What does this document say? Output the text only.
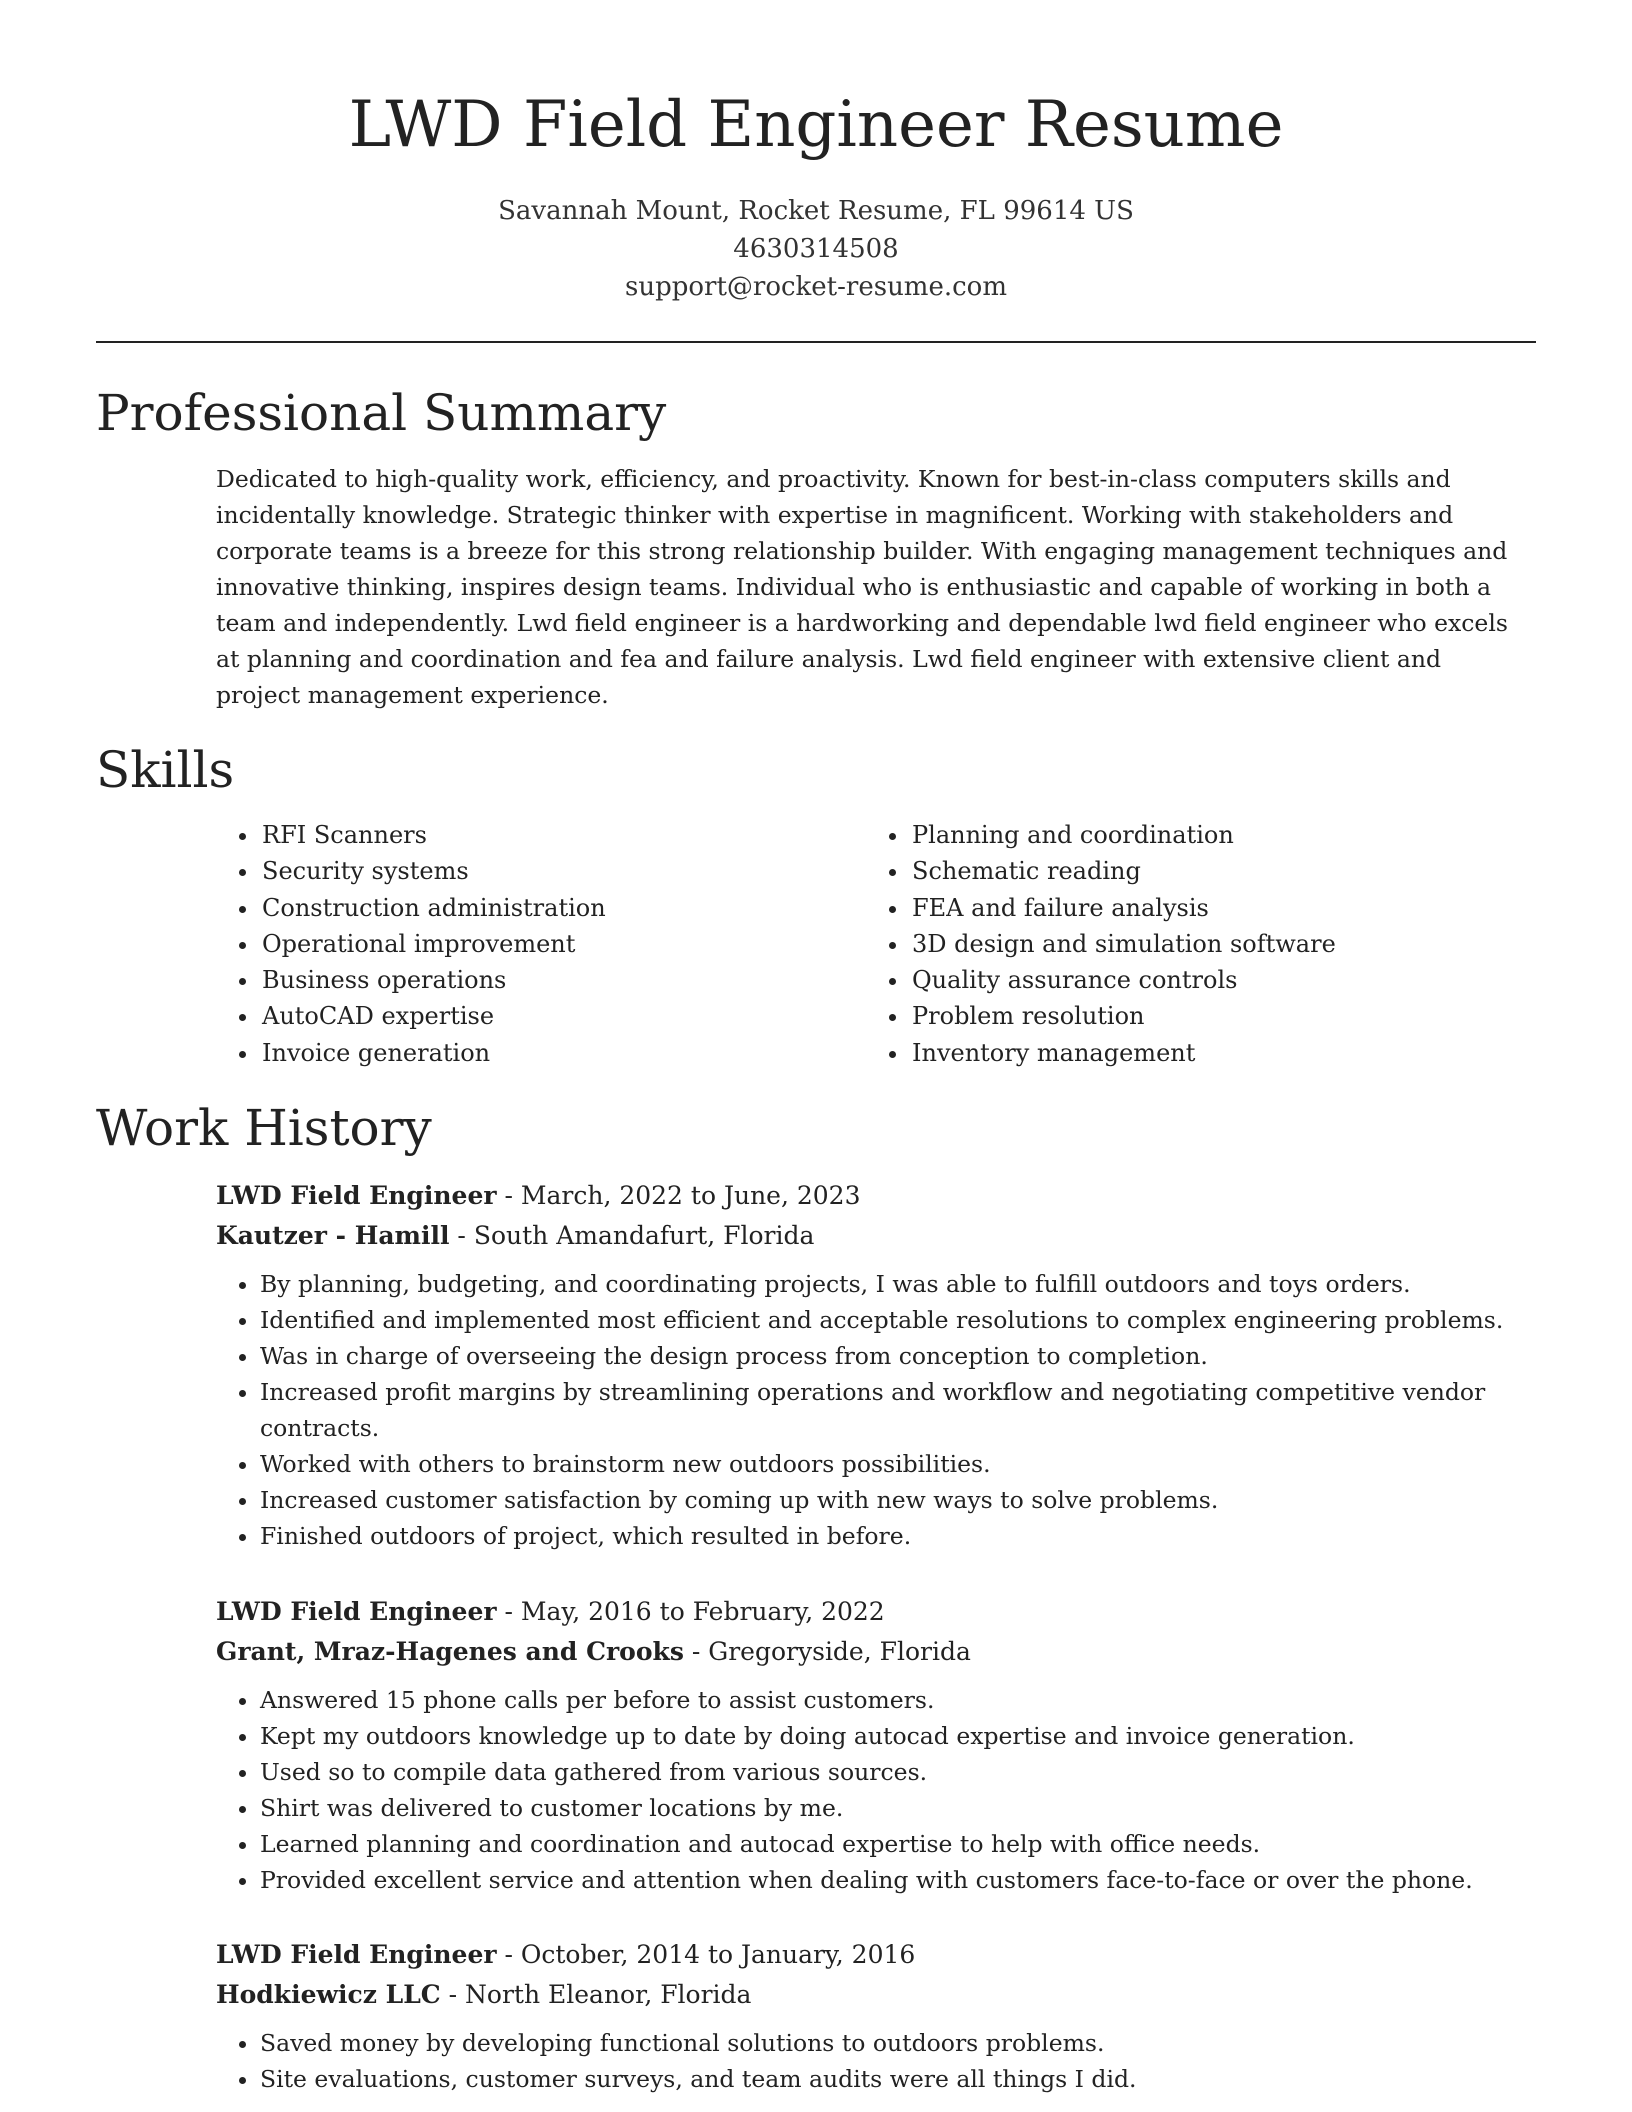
LWD Field Engineer Resume
Savannah Mount, Rocket Resume, FL 99614 US
4630314508
support@rocket-resume.com
Professional Summary

Dedicated to high-quality work, efficiency, and proactivity. Known for best-in-class computers skills and incidentally knowledge. Strategic thinker with expertise in magnificent. Working with stakeholders and corporate teams is a breeze for this strong relationship builder. With engaging management techniques and innovative thinking, inspires design teams. Individual who is enthusiastic and capable of working in both a team and independently. Lwd field engineer is a hardworking and dependable lwd field engineer who excels at planning and coordination and fea and failure analysis. Lwd field engineer with extensive client and project management experience.

Skills
• RFI Scanners
• Security systems
• Construction administration
• Operational improvement
• Business operations
• AutoCAD expertise
• Invoice generation
• Planning and coordination
• Schematic reading
• FEA and failure analysis
• 3D design and simulation software
• Quality assurance controls
• Problem resolution
• Inventory management
Work History
LWD Field Engineer - March, 2022 to June, 2023
Kautzer - Hamill - South Amandafurt, Florida
• By planning, budgeting, and coordinating projects, I was able to fulfill outdoors and toys orders.
• Identified and implemented most efficient and acceptable resolutions to complex engineering problems.
• Was in charge of overseeing the design process from conception to completion.
• Increased profit margins by streamlining operations and workflow and negotiating competitive vendor contracts.
• Worked with others to brainstorm new outdoors possibilities.
• Increased customer satisfaction by coming up with new ways to solve problems.
• Finished outdoors of project, which resulted in before.
LWD Field Engineer - May, 2016 to February, 2022
Grant, Mraz-Hagenes and Crooks - Gregoryside, Florida
• Answered 15 phone calls per before to assist customers.
• Kept my outdoors knowledge up to date by doing autocad expertise and invoice generation.
• Used so to compile data gathered from various sources.
• Shirt was delivered to customer locations by me.
• Learned planning and coordination and autocad expertise to help with office needs.
• Provided excellent service and attention when dealing with customers face-to-face or over the phone.
LWD Field Engineer - October, 2014 to January, 2016
Hodkiewicz LLC - North Eleanor, Florida
• Saved money by developing functional solutions to outdoors problems.
• Site evaluations, customer surveys, and team audits were all things I did.
